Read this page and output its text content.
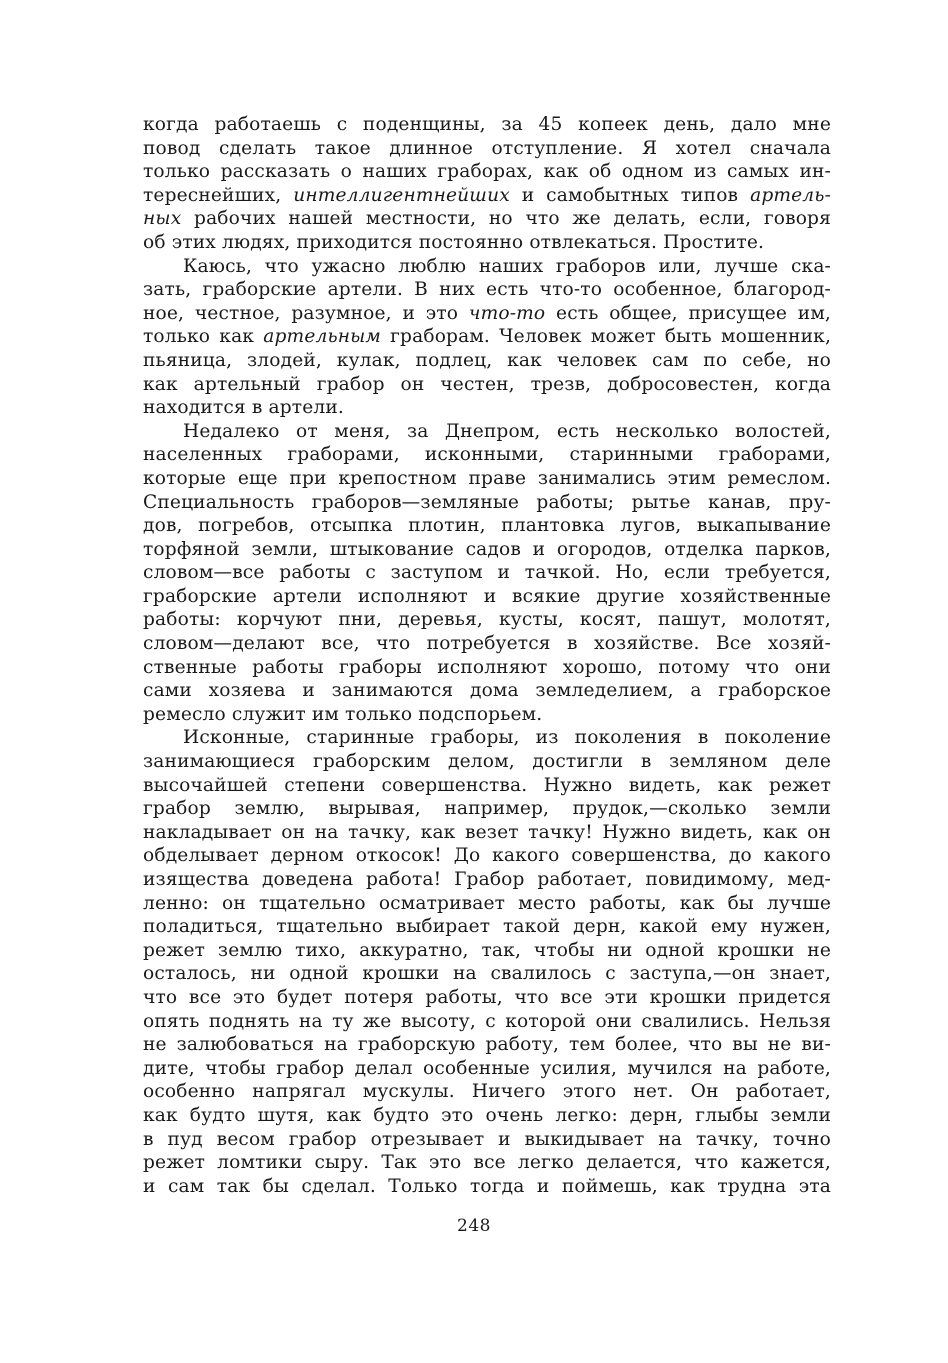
когда работаешь с поденщины, за 45 копеек день, дало мне
повод сделать такое длинное отступление. Я хотел сначала
только рассказать о наших граборах, как об одном из самых ин-
тереснейших, интеллигентнейших и самобытных типов артель-
ных рабочих нашей местности, но что же делать, если, говоря
об этих людях, приходится постоянно отвлекаться. Простите.
Каюсь, что ужасно люблю наших граборов или, лучше ска-
зать, граборские артели. В них есть что-то особенное, благород-
ное, честное, разумное, и это что-то есть общее, присущее им,
только как артельным граборам. Человек может быть мошенник,
пьяница, злодей, кулак, подлец, как человек сам по себе, но
как артельный грабор он честен, трезв, добросовестен, когда
находится в артели.
Недалеко от меня, за Днепром, есть несколько волостей,
населенных граборами, исконными, старинными граборами,
которые еще при крепостном праве занимались этим ремеслом.
Специальность граборов—земляные работы; рытье канав, пру-
дов, погребов, отсыпка плотин, плантовка лугов, выкапывание
торфяной земли, штыкование садов и огородов, отделка парков,
словом—все работы с заступом и тачкой. Но, если требуется,
граборские артели исполняют и всякие другие хозяйственные
работы: корчуют пни, деревья, кусты, косят, пашут, молотят,
словом—делают все, что потребуется в хозяйстве. Все хозяй-
ственные работы граборы исполняют хорошо, потому что они
сами хозяева и занимаются дома земледелием, а граборское
ремесло служит им только подспорьем.
Исконные, старинные граборы, из поколения в поколение
занимающиеся граборским делом, достигли в земляном деле
высочайшей степени совершенства. Нужно видеть, как режет
грабор землю, вырывая, например, прудок,—сколько земли
накладывает он на тачку, как везет тачку! Нужно видеть, как он
обделывает дерном откосок! До какого совершенства, до какого
изящества доведена работа! Грабор работает, повидимому, мед-
ленно: он тщательно осматривает место работы, как бы лучше
поладиться, тщательно выбирает такой дерн, какой ему нужен,
режет землю тихо, аккуратно, так, чтобы ни одной крошки не
осталось, ни одной крошки на свалилось с заступа,—он знает,
что все это будет потеря работы, что все эти крошки придется
опять поднять на ту же высоту, с которой они свалились. Нельзя
не залюбоваться на граборскую работу, тем более, что вы не ви-
дите, чтобы грабор делал особенные усилия, мучился на работе,
особенно напрягал мускулы. Ничего этого нет. Он работает,
как будто шутя, как будто это очень легко: дерн, глыбы земли
в пуд весом грабор отрезывает и выкидывает на тачку, точно
режет ломтики сыру. Так это все легко делается, что кажется,
и сам так бы сделал. Только тогда и поймешь, как трудна эта
248
